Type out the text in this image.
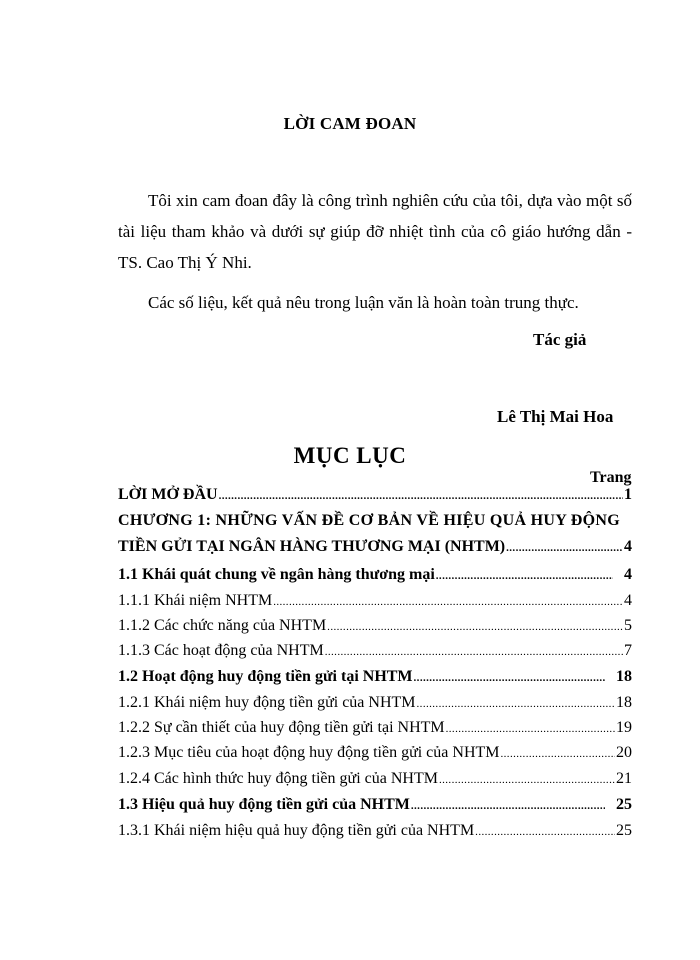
LỜI CAM ĐOAN
Tôi xin cam đoan đây là công trình nghiên cứu của tôi, dựa vào một số tài liệu tham khảo và dưới sự giúp đỡ nhiệt tình của cô giáo hướng dẫn - TS. Cao Thị Ý Nhi.
Các số liệu, kết quả nêu trong luận văn là hoàn toàn trung thực.
Tác giả
Lê Thị Mai Hoa
MỤC LỤC
Trang
LỜI MỞ ĐẦU .....	1
CHƯƠNG 1: NHỮNG VẤN ĐỀ CƠ BẢN VỀ HIỆU QUẢ HUY ĐỘNG
TIỀN GỬI TẠI NGÂN HÀNG THƯƠNG MẠI (NHTM) .....	4
1.1 Khái quát chung về ngân hàng thương mại .....	4
1.1.1 Khái niệm NHTM .....	4
1.1.2 Các chức năng của NHTM .....	5
1.1.3 Các hoạt động của NHTM .....	7
1.2 Hoạt động huy động tiền gửi tại NHTM .....	18
1.2.1 Khái niệm huy động tiền gửi của NHTM .....	18
1.2.2 Sự cần thiết của huy động tiền gửi tại NHTM .....	19
1.2.3 Mục tiêu của hoạt động huy động tiền gửi của NHTM .....	20
1.2.4 Các hình thức huy động tiền gửi của NHTM .....	21
1.3 Hiệu quả huy động tiền gửi của NHTM .....	25
1.3.1 Khái niệm hiệu quả huy động tiền gửi của NHTM .....	25
